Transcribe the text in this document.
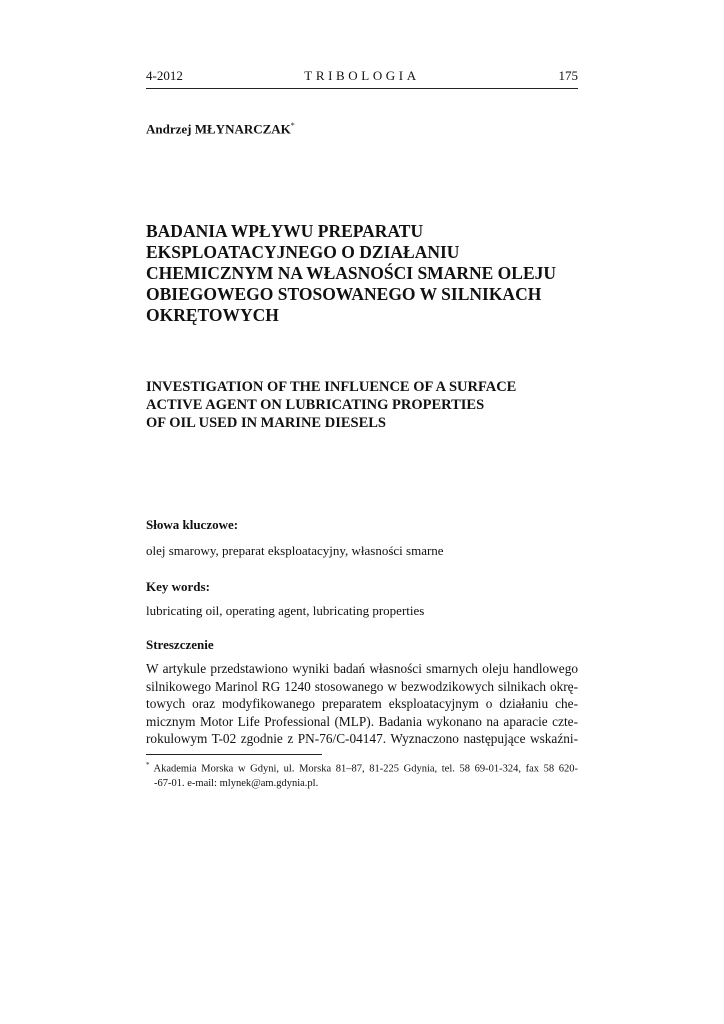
4-2012	TRIBOLOGIA	175
Andrzej MŁYNARCZAK*
BADANIA WPŁYWU PREPARATU
EKSPLOATACYJNEGO O DZIAŁANIU
CHEMICZNYM NA WŁASNOŚCI SMARNE OLEJU
OBIEGOWEGO STOSOWANEGO W SILNIKACH
OKRĘTOWYCH
INVESTIGATION OF THE INFLUENCE OF A SURFACE
ACTIVE AGENT ON LUBRICATING PROPERTIES
OF OIL USED IN MARINE DIESELS
Słowa kluczowe:
olej smarowy, preparat eksploatacyjny, własności smarne
Key words:
lubricating oil, operating agent, lubricating properties
Streszczenie
W artykule przedstawiono wyniki badań własności smarnych oleju handlowego
silnikowego Marinol RG 1240 stosowanego w bezwodzikowych silnikach okrę-
towych oraz modyfikowanego preparatem eksploatacyjnym o działaniu che-
micznym Motor Life Professional (MLP). Badania wykonano na aparacie czte-
rokulowym T-02 zgodnie z PN-76/C-04147. Wyznaczono następujące wskaźni-
* Akademia Morska w Gdyni, ul. Morska 81–87, 81-225 Gdynia, tel. 58 69-01-324, fax 58 620-
-67-01. e-mail: mlynek@am.gdynia.pl.
